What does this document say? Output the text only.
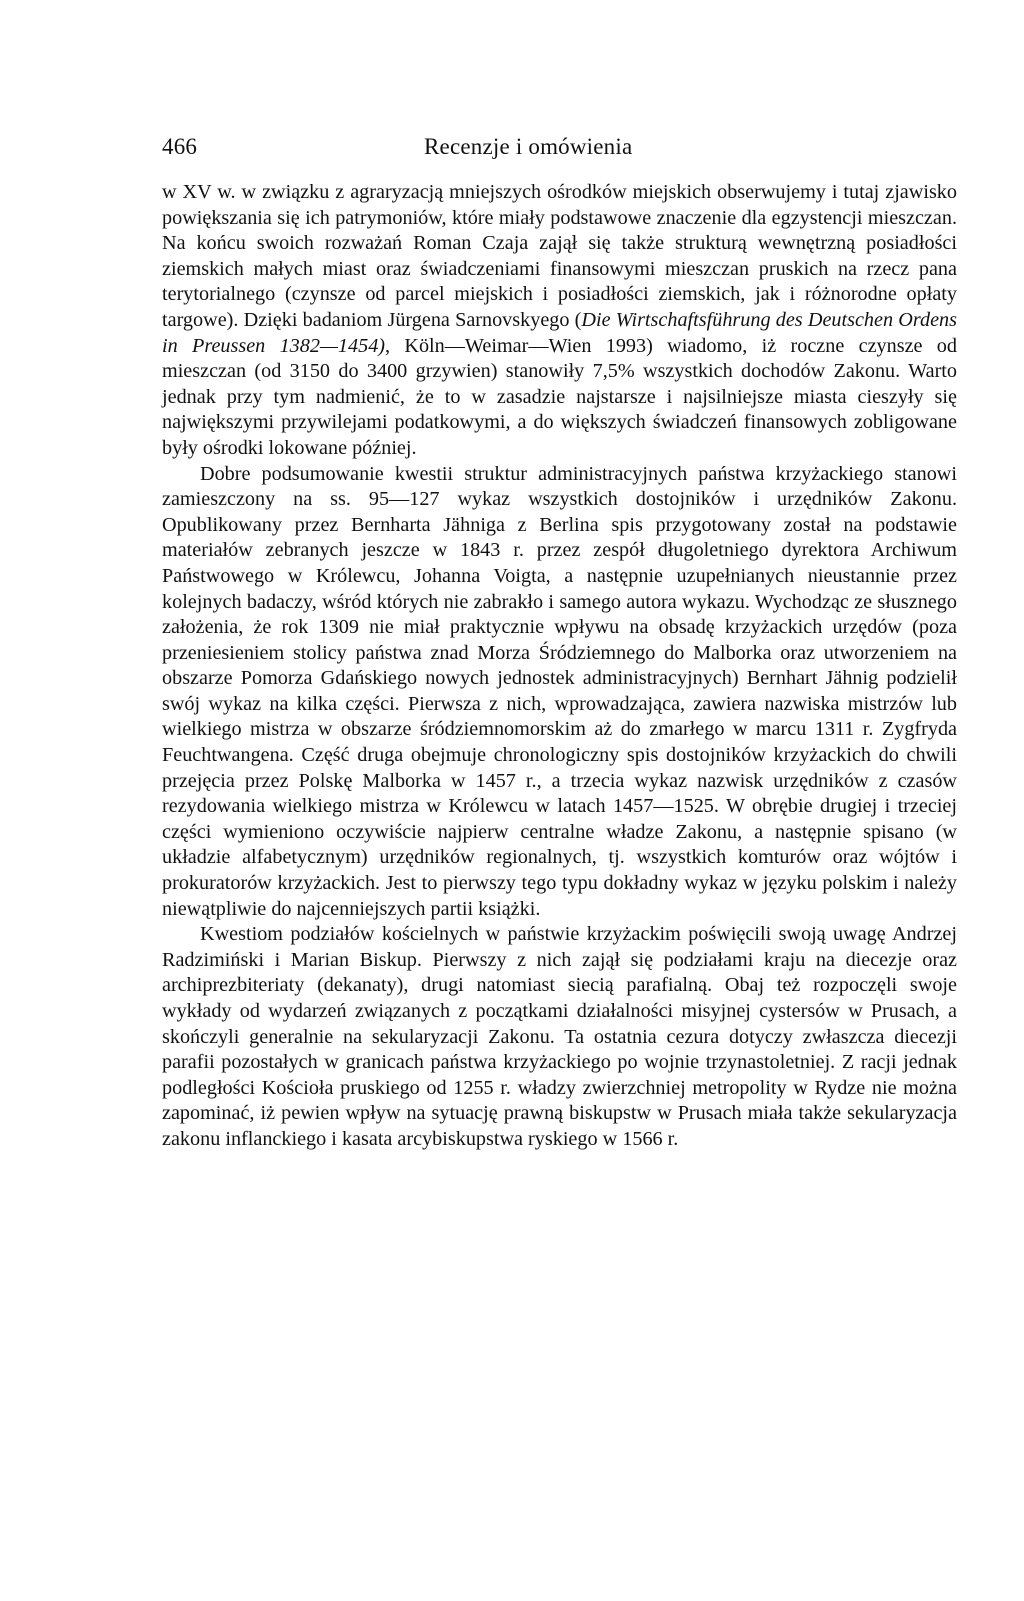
466	Recenzje i omówienia

w XV w. w związku z agraryzacją mniejszych ośrodków miejskich obserwujemy i tutaj zjawisko powiększania się ich patrymoniów, które miały podstawowe znaczenie dla egzystencji mieszczan. Na końcu swoich rozważań Roman Czaja zajął się także strukturą wewnętrzną posiadłości ziemskich małych miast oraz świadczeniami finansowymi mieszczan pruskich na rzecz pana terytorialnego (czynsze od parcel miejskich i posiadłości ziemskich, jak i różnorodne opłaty targowe). Dzięki badaniom Jürgena Sarnovskyego (Die Wirtschaftsführung des Deutschen Ordens in Preussen 1382—1454), Köln—Weimar—Wien 1993) wiadomo, iż roczne czynsze od mieszczan (od 3150 do 3400 grzywien) stanowiły 7,5% wszystkich dochodów Zakonu. Warto jednak przy tym nadmienić, że to w zasadzie najstarsze i najsilniejsze miasta cieszyły się największymi przywilejami podatkowymi, a do większych świadczeń finansowych zobligowane były ośrodki lokowane później.

Dobre podsumowanie kwestii struktur administracyjnych państwa krzyżackiego stanowi zamieszczony na ss. 95—127 wykaz wszystkich dostojników i urzędników Zakonu. Opublikowany przez Bernharta Jähniga z Berlina spis przygotowany został na podstawie materiałów zebranych jeszcze w 1843 r. przez zespół długoletniego dyrektora Archiwum Państwowego w Królewcu, Johanna Voigta, a następnie uzupełnianych nieustannie przez kolejnych badaczy, wśród których nie zabrakło i samego autora wykazu. Wychodząc ze słusznego założenia, że rok 1309 nie miał praktycznie wpływu na obsadę krzyżackich urzędów (poza przeniesieniem stolicy państwa znad Morza Śródziemnego do Malborka oraz utworzeniem na obszarze Pomorza Gdańskiego nowych jednostek administracyjnych) Bernhart Jähnig podzielił swój wykaz na kilka części. Pierwsza z nich, wprowadzająca, zawiera nazwiska mistrzów lub wielkiego mistrza w obszarze śródziemnomorskim aż do zmarłego w marcu 1311 r. Zygfryda Feuchtwangena. Część druga obejmuje chronologiczny spis dostojników krzyżackich do chwili przejęcia przez Polskę Malborka w 1457 r., a trzecia wykaz nazwisk urzędników z czasów rezydowania wielkiego mistrza w Królewcu w latach 1457—1525. W obrębie drugiej i trzeciej części wymieniono oczywiście najpierw centralne władze Zakonu, a następnie spisano (w układzie alfabetycznym) urzędników regionalnych, tj. wszystkich komturów oraz wójtów i prokuratorów krzyżackich. Jest to pierwszy tego typu dokładny wykaz w języku polskim i należy niewątpliwie do najcenniejszych partii książki.

Kwestiom podziałów kościelnych w państwie krzyżackim poświęcili swoją uwagę Andrzej Radzimiński i Marian Biskup. Pierwszy z nich zajął się podziałami kraju na diecezje oraz archiprezbiteriaty (dekanaty), drugi natomiast siecią parafialną. Obaj też rozpoczęli swoje wykłady od wydarzeń związanych z początkami działalności misyjnej cystersów w Prusach, a skończyli generalnie na sekularyzacji Zakonu. Ta ostatnia cezura dotyczy zwłaszcza diecezji parafii pozostałych w granicach państwa krzyżackiego po wojnie trzynastoletniej. Z racji jednak podległości Kościoła pruskiego od 1255 r. władzy zwierzchniej metropolity w Rydze nie można zapominać, iż pewien wpływ na sytuację prawną biskupstw w Prusach miała także sekularyzacja zakonu inflanckiego i kasata arcybiskupstwa ryskiego w 1566 r.
